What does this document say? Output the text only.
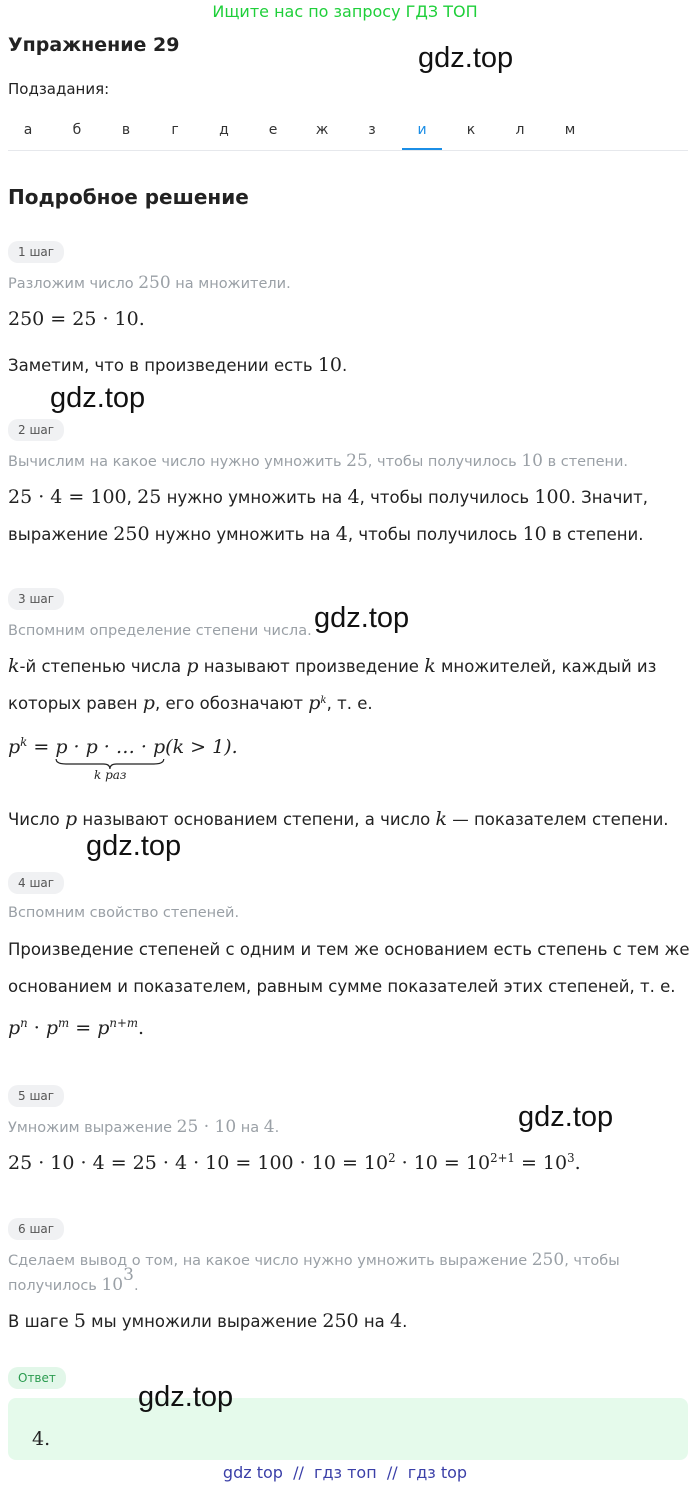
Ищите нас по запросу ГДЗ ТОП
Упражнение 29
Подзадания:
а	б	в	г	д	е	ж	з	и	к	л	м
Подробное решение
1 шаг
Разложим число 250 на множители.
250 = 25 · 10.
Заметим, что в произведении есть 10.
2 шаг
Вычислим на какое число нужно умножить 25, чтобы получилось 10 в степени.
25 · 4 = 100, 25 нужно умножить на 4, чтобы получилось 100. Значит,
выражение 250 нужно умножить на 4, чтобы получилось 10 в степени.
3 шаг
Вспомним определение степени числа.
k-й степенью числа p называют произведение k множителей, каждый из
которых равен p, его обозначают $p^k$, т. е.
$p^k = p \cdot p$ · … · p
k раз
(k > 1).
Число p называют основанием степени, а число k — показателем степени.
4 шаг
Вспомним свойство степеней.
Произведение степеней с одним и тем же основанием есть степень с тем же
основанием и показателем, равным сумме показателей этих степеней, т. е.
$p^n \cdot p^m = p^{n+m}$.
5 шаг
Умножим выражение 25 · 10 на 4.
$25 \cdot 10 \cdot 4 = 25 \cdot 4 \cdot 10 = 100 \cdot 10 = 10^2 \cdot 10 = 10^{2+1} = 10^3$.
6 шаг
Сделаем вывод о том, на какое число нужно умножить выражение 250, чтобы
получилось $10^3$.
В шаге 5 мы умножили выражение 250 на 4.
Ответ
4.
gdz.top
gdz.top
gdz.top
gdz.top
gdz.top
gdz.top
gdz top  //  гдз топ  //  гдз top
